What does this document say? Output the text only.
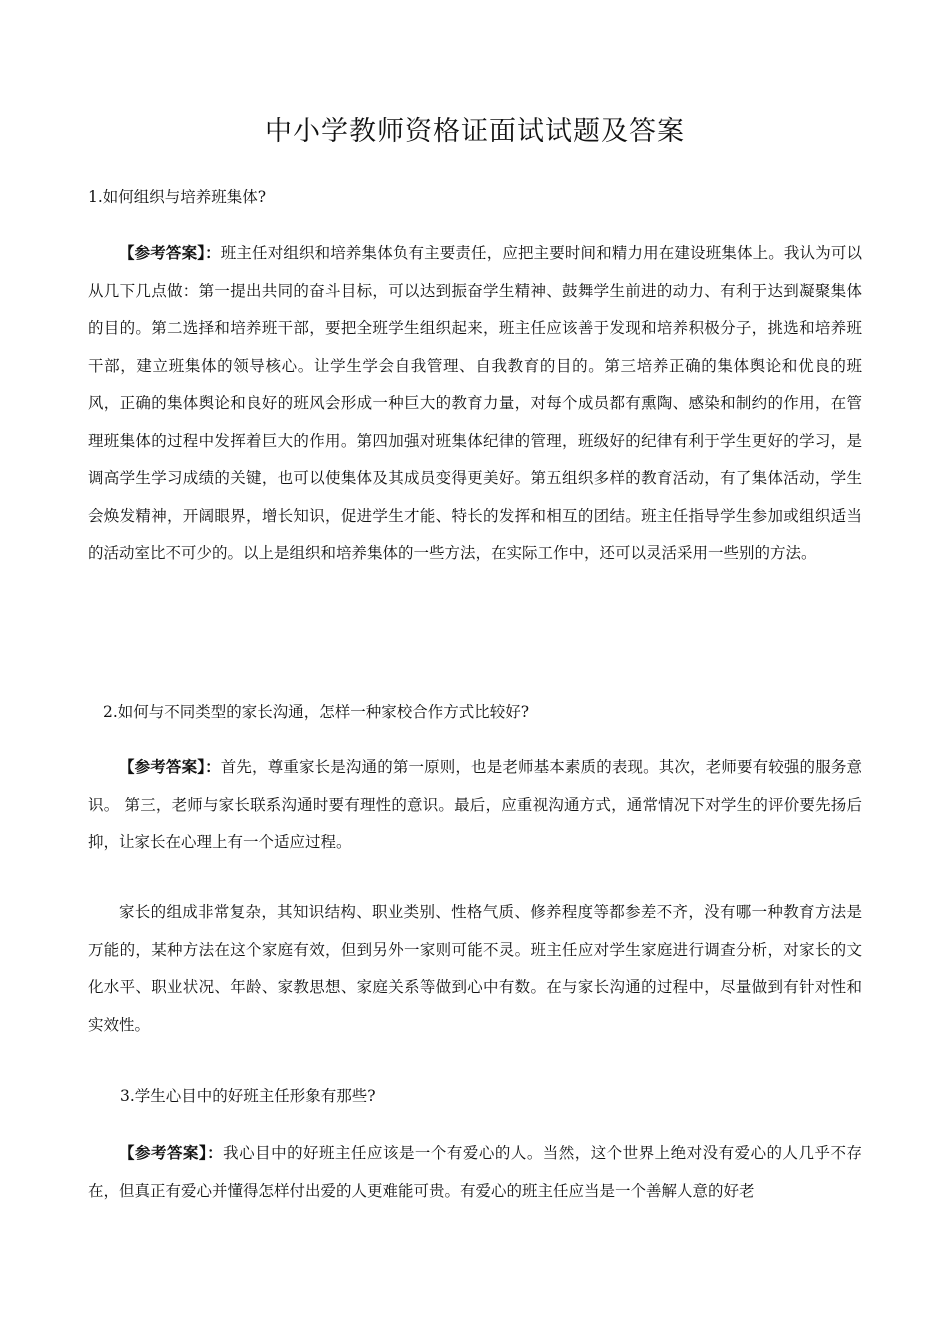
中小学教师资格证面试试题及答案
1.如何组织与培养班集体?
【参考答案】：班主任对组织和培养集体负有主要责任，应把主要时间和精力用在建设班集体上。我认为可以从几下几点做：第一提出共同的奋斗目标，可以达到振奋学生精神、鼓舞学生前进的动力、有利于达到凝聚集体的目的。第二选择和培养班干部，要把全班学生组织起来，班主任应该善于发现和培养积极分子，挑选和培养班干部，建立班集体的领导核心。让学生学会自我管理、自我教育的目的。第三培养正确的集体舆论和优良的班风，正确的集体舆论和良好的班风会形成一种巨大的教育力量，对每个成员都有熏陶、感染和制约的作用，在管理班集体的过程中发挥着巨大的作用。第四加强对班集体纪律的管理，班级好的纪律有利于学生更好的学习，是调高学生学习成绩的关键，也可以使集体及其成员变得更美好。第五组织多样的教育活动，有了集体活动，学生会焕发精神，开阔眼界，增长知识，促进学生才能、特长的发挥和相互的团结。班主任指导学生参加或组织适当的活动室比不可少的。以上是组织和培养集体的一些方法，在实际工作中，还可以灵活采用一些别的方法。
2.如何与不同类型的家长沟通，怎样一种家校合作方式比较好?
【参考答案】：首先，尊重家长是沟通的第一原则，也是老师基本素质的表现。其次，老师要有较强的服务意识。 第三，老师与家长联系沟通时要有理性的意识。最后，应重视沟通方式，通常情况下对学生的评价要先扬后抑，让家长在心理上有一个适应过程。
家长的组成非常复杂，其知识结构、职业类别、性格气质、修养程度等都参差不齐，没有哪一种教育方法是万能的，某种方法在这个家庭有效，但到另外一家则可能不灵。班主任应对学生家庭进行调查分析，对家长的文化水平、职业状况、年龄、家教思想、家庭关系等做到心中有数。在与家长沟通的过程中，尽量做到有针对性和实效性。
3.学生心目中的好班主任形象有那些?
【参考答案】：我心目中的好班主任应该是一个有爱心的人。当然，这个世界上绝对没有爱心的人几乎不存在，但真正有爱心并懂得怎样付出爱的人更难能可贵。有爱心的班主任应当是一个善解人意的好老
